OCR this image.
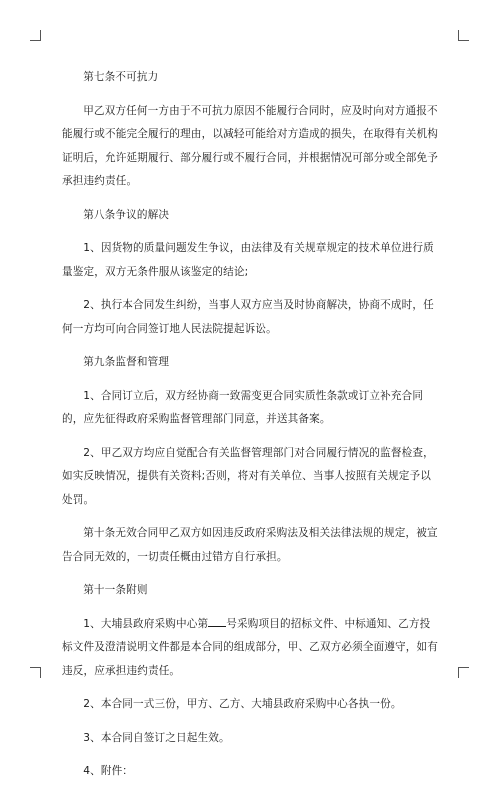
第七条不可抗力

甲乙双方任何一方由于不可抗力原因不能履行合同时，应及时向对方通报不能履行或不能完全履行的理由，以减轻可能给对方造成的损失，在取得有关机构证明后，允许延期履行、部分履行或不履行合同，并根据情况可部分或全部免予承担违约责任。

第八条争议的解决

1、因货物的质量问题发生争议，由法律及有关规章规定的技术单位进行质量鉴定，双方无条件服从该鉴定的结论;

2、执行本合同发生纠纷，当事人双方应当及时协商解决，协商不成时，任何一方均可向合同签订地人民法院提起诉讼。

第九条监督和管理

1、合同订立后，双方经协商一致需变更合同实质性条款或订立补充合同的，应先征得政府采购监督管理部门同意，并送其备案。

2、甲乙双方均应自觉配合有关监督管理部门对合同履行情况的监督检查，如实反映情况，提供有关资料;否则，将对有关单位、当事人按照有关规定予以处罚。

第十条无效合同甲乙双方如因违反政府采购法及相关法律法规的规定，被宣告合同无效的，一切责任概由过错方自行承担。

第十一条附则

1、大埔县政府采购中心第 号采购项目的招标文件、中标通知、乙方投标文件及澄清说明文件都是本合同的组成部分，甲、乙双方必须全面遵守，如有违反，应承担违约责任。

2、本合同一式三份，甲方、乙方、大埔县政府采购中心各执一份。

3、本合同自签订之日起生效。

4、附件：
